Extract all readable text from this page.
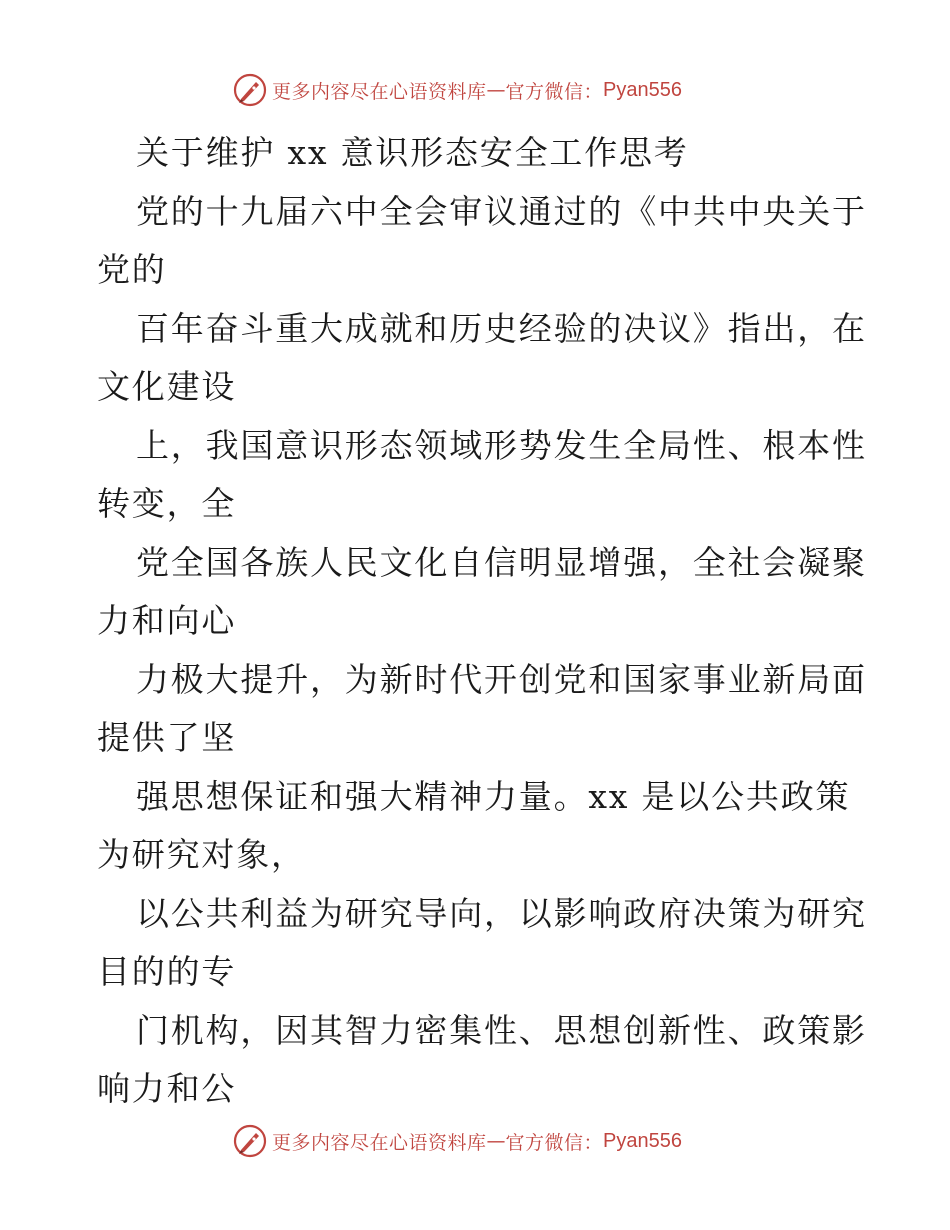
更多内容尽在心语资料库 — 官方微信： Pyan556
关于维护 xx 意识形态安全工作思考
党的十九届六中全会审议通过的《中共中央关于
党的
百年奋斗重大成就和历史经验的决议》指出，在
文化建设
上，我国意识形态领域形势发生全局性、根本性
转变，全
党全国各族人民文化自信明显增强，全社会凝聚
力和向心
力极大提升，为新时代开创党和国家事业新局面
提供了坚
强思想保证和强大精神力量。xx 是以公共政策
为研究对象，
以公共利益为研究导向，以影响政府决策为研究
目的的专
门机构，因其智力密集性、思想创新性、政策影
响力和公
更多内容尽在心语资料库 — 官方微信： Pyan556
